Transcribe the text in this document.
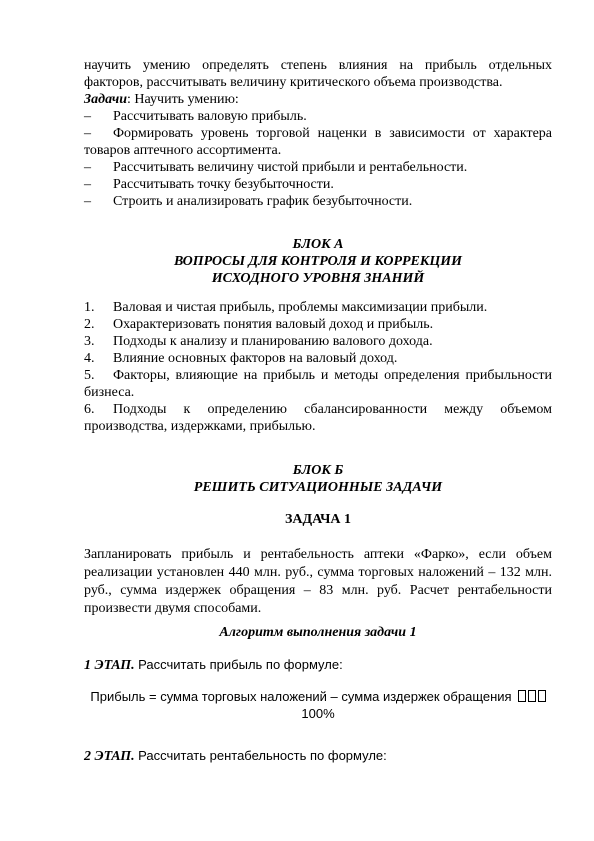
научить умению определять степень влияния на прибыль отдельных
факторов, рассчитывать величину критического объема производства.
Задачи: Научить умению:
– Рассчитывать валовую прибыль.
–	Формировать уровень торговой наценки в зависимости от характера
товаров аптечного ассортимента.
– Рассчитывать величину чистой прибыли и рентабельности.
– Рассчитывать точку безубыточности.
– Строить и анализировать график безубыточности.
БЛОК А
ВОПРОСЫ ДЛЯ КОНТРОЛЯ И КОРРЕКЦИИ
ИСХОДНОГО УРОВНЯ ЗНАНИЙ
1. Валовая и чистая прибыль, проблемы максимизации прибыли.
2. Охарактеризовать понятия валовый доход и прибыль.
3. Подходы к анализу и планированию валового дохода.
4. Влияние основных факторов на валовый доход.
5.	Факторы, влияющие на прибыль и методы определения прибыльности
бизнеса.
6.	Подходы к определению сбалансированности между объемом
производства, издержками, прибылью.
БЛОК Б
РЕШИТЬ СИТУАЦИОННЫЕ ЗАДАЧИ
ЗАДАЧА 1
Запланировать прибыль и рентабельность аптеки «Фарко», если объем
реализации установлен 440 млн. руб., сумма торговых наложений – 132 млн.
руб., сумма издержек обращения – 83 млн. руб. Расчет рентабельности
произвести двумя способами.
Алгоритм выполнения задачи 1
1 ЭТАП. Рассчитать прибыль по формуле:
Прибыль = сумма торговых наложений – сумма издержек обращения
100%
2 ЭТАП. Рассчитать рентабельность по формуле:
